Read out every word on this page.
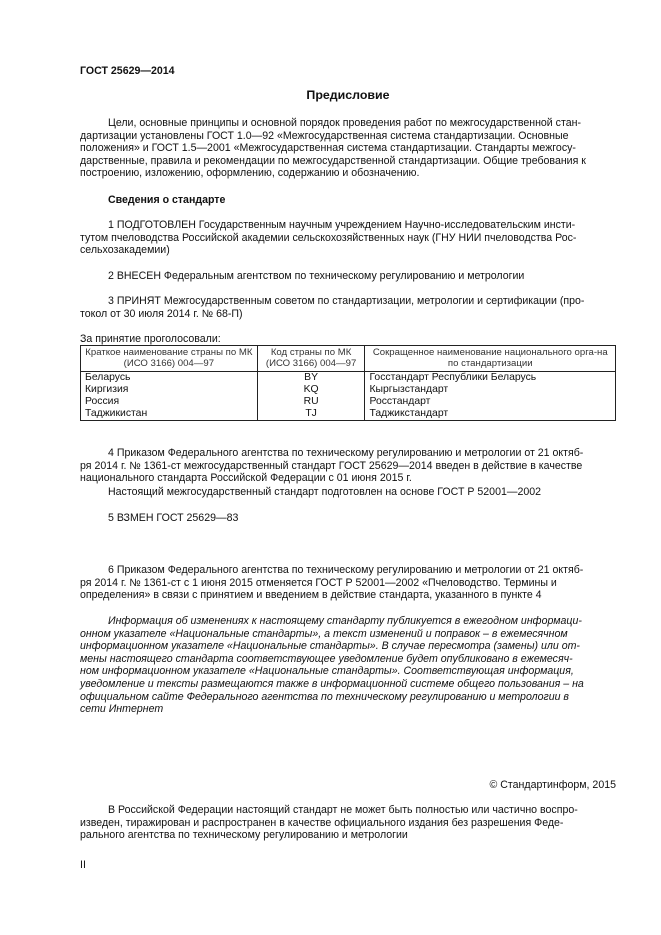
ГОСТ 25629—2014
Предисловие
Цели, основные принципы и основной порядок проведения работ по межгосударственной стан-
дартизации установлены ГОСТ 1.0—92 «Межгосударственная система стандартизации. Основные
положения» и ГОСТ 1.5—2001 «Межгосударственная система стандартизации. Стандарты межгосу-
дарственные, правила и рекомендации по межгосударственной стандартизации. Общие требования к
построению, изложению, оформлению, содержанию и обозначению.
Сведения о стандарте
1 ПОДГОТОВЛЕН Государственным научным учреждением Научно-исследовательским инсти-
тутом пчеловодства Российской академии сельскохозяйственных наук (ГНУ НИИ пчеловодства Рос-
сельхозакадемии)
2 ВНЕСЕН Федеральным агентством по техническому регулированию и метрологии
3 ПРИНЯТ Межгосударственным советом по стандартизации, метрологии и сертификации (про-
токол от 30 июля 2014 г. № 68-П)
За принятие проголосовали:
Краткое наименование страны по МК (ИСО 3166) 004—97	Код страны по МК (ИСО 3166) 004—97	Сокращенное наименование национального орга-на по стандартизации
Беларусь	BY	Госстандарт Республики Беларусь
Киргизия	KQ	Кыргызстандарт
Россия	RU	Росстандарт
Таджикистан	TJ	Таджикстандарт
4 Приказом Федерального агентства по техническому регулированию и метрологии от 21 октяб-
ря 2014 г. № 1361-ст межгосударственный стандарт ГОСТ 25629—2014 введен в действие в качестве
национального стандарта Российской Федерации с 01 июня 2015 г.
Настоящий межгосударственный стандарт подготовлен на основе ГОСТ Р 52001—2002
5 ВЗМЕН ГОСТ 25629—83
6 Приказом Федерального агентства по техническому регулированию и метрологии от 21 октяб-
ря 2014 г. № 1361-ст с 1 июня 2015 отменяется ГОСТ Р 52001—2002 «Пчеловодство. Термины и
определения» в связи с принятием и введением в действие стандарта, указанного в пункте 4
Информация об изменениях к настоящему стандарту публикуется в ежегодном информаци-
онном указателе «Национальные стандарты», а текст изменений и поправок – в ежемесячном
информационном указателе «Национальные стандарты». В случае пересмотра (замены) или от-
мены настоящего стандарта соответствующее уведомление будет опубликовано в ежемесяч-
ном информационном указателе «Национальные стандарты». Соответствующая информация,
уведомление и тексты размещаются также в информационной системе общего пользования – на
официальном сайте Федерального агентства по техническому регулированию и метрологии в
сети Интернет
© Стандартинформ, 2015
В Российской Федерации настоящий стандарт не может быть полностью или частично воспро-
изведен, тиражирован и распространен в качестве официального издания без разрешения Феде-
рального агентства по техническому регулированию и метрологии
II
